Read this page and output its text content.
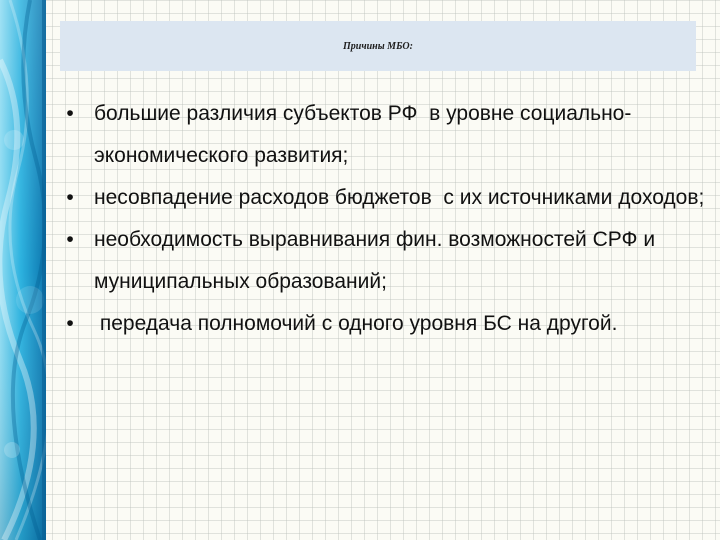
Причины МБО:
• большие различия субъектов РФ  в уровне социально-экономического развития;
• несовпадение расходов бюджетов  с их источниками доходов;
• необходимость выравнивания фин. возможностей СРФ и муниципальных образований;
• передача полномочий с одного уровня БС на другой.
